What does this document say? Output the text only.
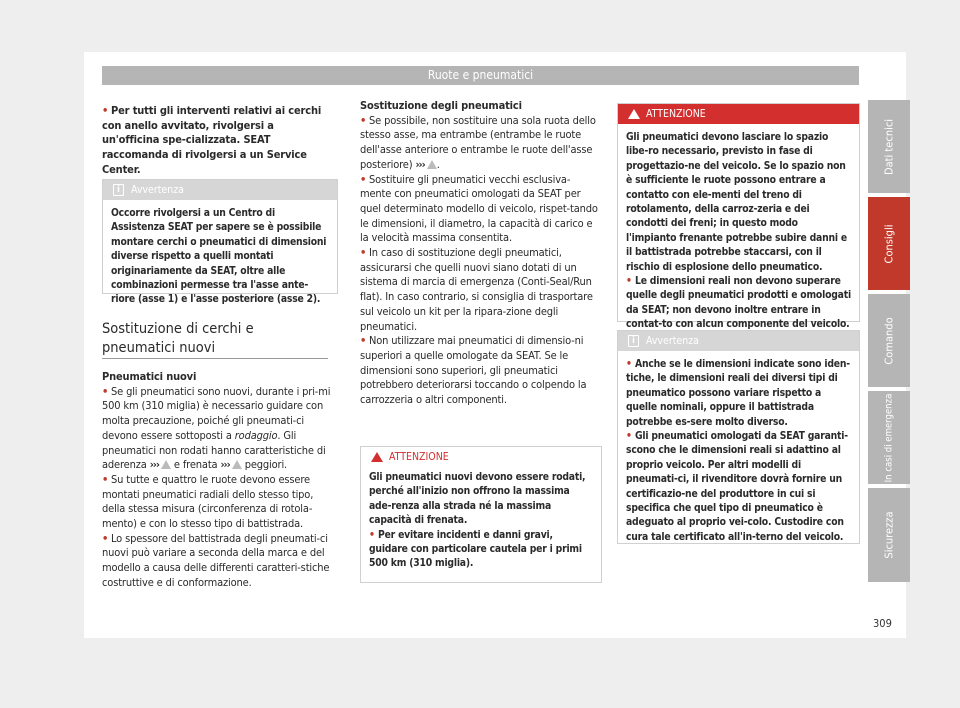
Ruote e pneumatici

• Per tutti gli interventi relativi ai cerchi con anello avvitato, rivolgersi a un'officina spe-cializzata. SEAT raccomanda di rivolgersi a un Service Center.

i	Avvertenza
Occorre rivolgersi a un Centro di Assistenza SEAT per sapere se è possibile montare cerchi o pneumatici di dimensioni diverse rispetto a quelli montati originariamente da SEAT, oltre alle combinazioni permesse tra l'asse ante-riore (asse 1) e l'asse posteriore (asse 2).
Sostituzione di cerchi e pneumatici nuovi

Pneumatici nuovi

• Se gli pneumatici sono nuovi, durante i pri-mi 500 km (310 miglia) è necessario guidare con molta precauzione, poiché gli pneumati-ci devono essere sottoposti a rodaggio. Gli pneumatici non rodati hanno caratteristiche di aderenza ››› e frenata ››› peggiori.

• Su tutte e quattro le ruote devono essere montati pneumatici radiali dello stesso tipo, della stessa misura (circonferenza di rotola-mento) e con lo stesso tipo di battistrada.

• Lo spessore del battistrada degli pneumati-ci nuovi può variare a seconda della marca e del modello a causa delle differenti caratteri-stiche costruttive e di conformazione.

Sostituzione degli pneumatici

• Se possibile, non sostituire una sola ruota dello stesso asse, ma entrambe (entrambe le ruote dell'asse anteriore o entrambe le ruote dell'asse posteriore) ››› .

• Sostituire gli pneumatici vecchi esclusiva-mente con pneumatici omologati da SEAT per quel determinato modello di veicolo, rispet-tando le dimensioni, il diametro, la capacità di carico e la velocità massima consentita.

• In caso di sostituzione degli pneumatici, assicurarsi che quelli nuovi siano dotati di un sistema di marcia di emergenza (Conti-Seal/Run flat). In caso contrario, si consiglia di trasportare sul veicolo un kit per la ripara-zione degli pneumatici.

• Non utilizzare mai pneumatici di dimensio-ni superiori a quelle omologate da SEAT. Se le dimensioni sono superiori, gli pneumatici potrebbero deteriorarsi toccando o colpendo la carrozzeria o altri componenti.

ATTENZIONE

Gli pneumatici nuovi devono essere rodati, perché all'inizio non offrono la massima ade-renza alla strada né la massima capacità di frenata.

• Per evitare incidenti e danni gravi, guidare con particolare cautela per i primi 500 km (310 miglia).

ATTENZIONE

Gli pneumatici devono lasciare lo spazio libe-ro necessario, previsto in fase di progettazio-ne del veicolo. Se lo spazio non è sufficiente le ruote possono entrare a contatto con ele-menti del treno di rotolamento, della carroz-zeria e dei condotti dei freni; in questo modo l'impianto frenante potrebbe subire danni e il battistrada potrebbe staccarsi, con il rischio di esplosione dello pneumatico.

• Le dimensioni reali non devono superare quelle degli pneumatici prodotti e omologati da SEAT; non devono inoltre entrare in contat-to con alcun componente del veicolo.

i	Avvertenza

• Anche se le dimensioni indicate sono iden-tiche, le dimensioni reali dei diversi tipi di pneumatico possono variare rispetto a quelle nominali, oppure il battistrada potrebbe es-sere molto diverso.

• Gli pneumatici omologati da SEAT garanti-scono che le dimensioni reali si adattino al proprio veicolo. Per altri modelli di pneumati-ci, il rivenditore dovrà fornire un certificazio-ne del produttore in cui si specifica che quel tipo di pneumatico è adeguato al proprio vei-colo. Custodire con cura tale certificato all'in-terno del veicolo.

Dati tecnici
Consigli
Comando
In casi di emergenza
Sicurezza
309
